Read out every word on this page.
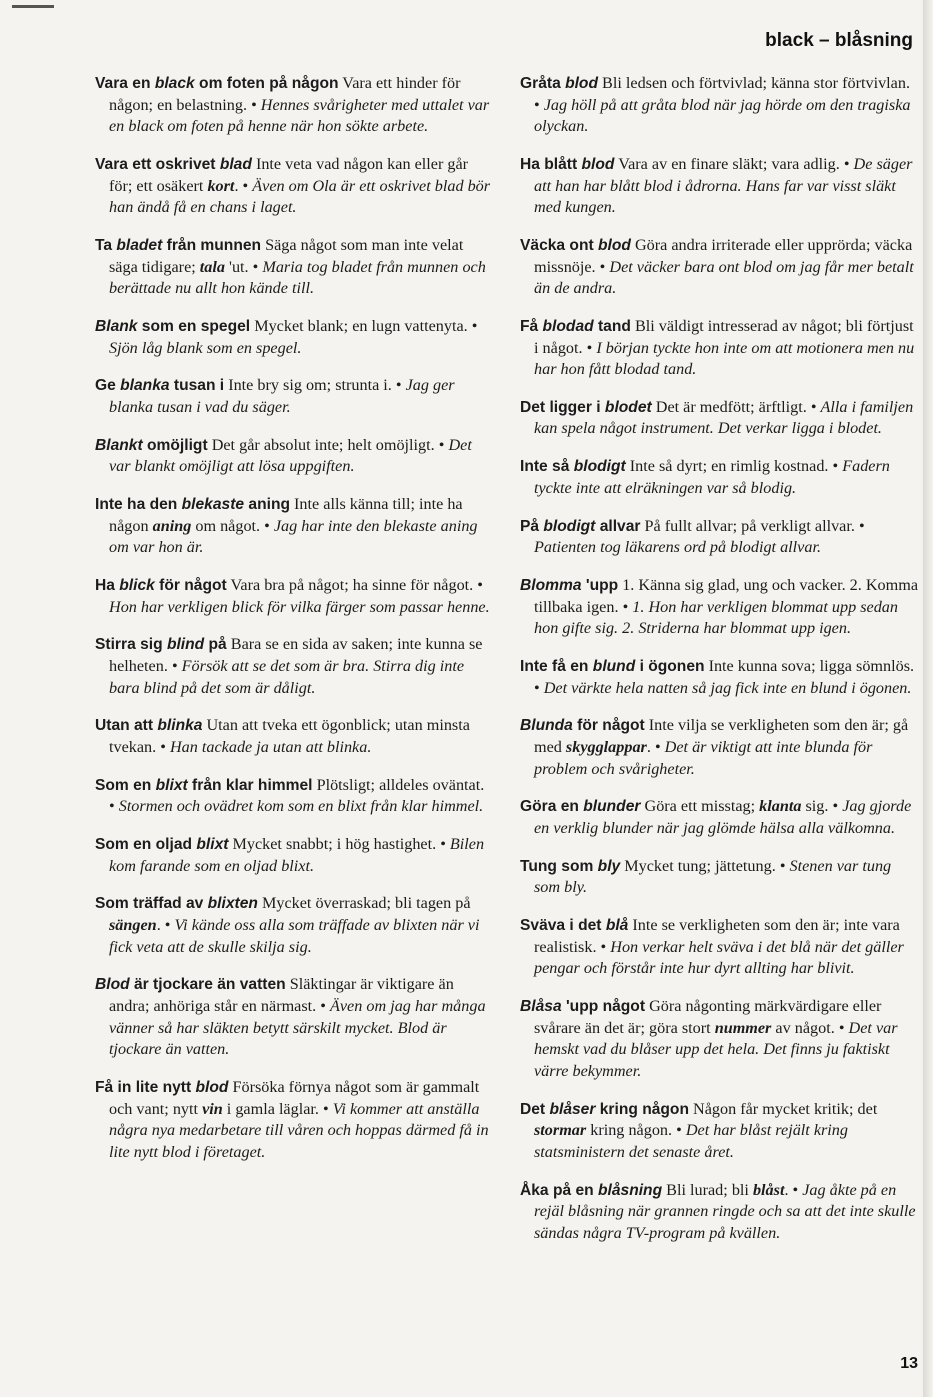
black – blåsning

Vara en black om foten på någon Vara ett hinder för någon; en belastning. • Hennes svårigheter med uttalet var en black om foten på henne när hon sökte arbete.

Vara ett oskrivet blad Inte veta vad någon kan eller går för; ett osäkert kort. • Även om Ola är ett oskrivet blad bör han ändå få en chans i laget.

Ta bladet från munnen Säga något som man inte velat säga tidigare; tala 'ut. • Maria tog bladet från munnen och berättade nu allt hon kände till.

Blank som en spegel Mycket blank; en lugn vattenyta. • Sjön låg blank som en spegel.

Ge blanka tusan i Inte bry sig om; strunta i. • Jag ger blanka tusan i vad du säger.

Blankt omöjligt Det går absolut inte; helt omöjligt. • Det var blankt omöjligt att lösa uppgiften.

Inte ha den blekaste aning Inte alls känna till; inte ha någon aning om något. • Jag har inte den blekaste aning om var hon är.

Ha blick för något Vara bra på något; ha sinne för något. • Hon har verkligen blick för vilka färger som passar henne.

Stirra sig blind på Bara se en sida av saken; inte kunna se helheten. • Försök att se det som är bra. Stirra dig inte bara blind på det som är dåligt.

Utan att blinka Utan att tveka ett ögonblick; utan minsta tvekan. • Han tackade ja utan att blinka.

Som en blixt från klar himmel Plötsligt; alldeles oväntat. • Stormen och ovädret kom som en blixt från klar himmel.

Som en oljad blixt Mycket snabbt; i hög hastighet. • Bilen kom farande som en oljad blixt.

Som träffad av blixten Mycket överraskad; bli tagen på sängen. • Vi kände oss alla som träffade av blixten när vi fick veta att de skulle skilja sig.

Blod är tjockare än vatten Släktingar är viktigare än andra; anhöriga står en närmast. • Även om jag har många vänner så har släkten betytt särskilt mycket. Blod är tjockare än vatten.

Få in lite nytt blod Försöka förnya något som är gammalt och vant; nytt vin i gamla läglar. • Vi kommer att anställa några nya medarbetare till våren och hoppas därmed få in lite nytt blod i företaget.

Gråta blod Bli ledsen och förtvivlad; känna stor förtvivlan. • Jag höll på att gråta blod när jag hörde om den tragiska olyckan.

Ha blått blod Vara av en finare släkt; vara adlig. • De säger att han har blått blod i ådrorna. Hans far var visst släkt med kungen.

Väcka ont blod Göra andra irriterade eller upprörda; väcka missnöje. • Det väcker bara ont blod om jag får mer betalt än de andra.

Få blodad tand Bli väldigt intresserad av något; bli förtjust i något. • I början tyckte hon inte om att motionera men nu har hon fått blodad tand.

Det ligger i blodet Det är medfött; ärftligt. • Alla i familjen kan spela något instrument. Det verkar ligga i blodet.

Inte så blodigt Inte så dyrt; en rimlig kostnad. • Fadern tyckte inte att elräkningen var så blodig.

På blodigt allvar På fullt allvar; på verkligt allvar. • Patienten tog läkarens ord på blodigt allvar.

Blomma 'upp 1. Känna sig glad, ung och vacker. 2. Komma tillbaka igen. • 1. Hon har verkligen blommat upp sedan hon gifte sig. 2. Striderna har blommat upp igen.

Inte få en blund i ögonen Inte kunna sova; ligga sömnlös. • Det värkte hela natten så jag fick inte en blund i ögonen.

Blunda för något Inte vilja se verkligheten som den är; gå med skygglappar. • Det är viktigt att inte blunda för problem och svårigheter.

Göra en blunder Göra ett misstag; klanta sig. • Jag gjorde en verklig blunder när jag glömde hälsa alla välkomna.

Tung som bly Mycket tung; jättetung. • Stenen var tung som bly.

Sväva i det blå Inte se verkligheten som den är; inte vara realistisk. • Hon verkar helt sväva i det blå när det gäller pengar och förstår inte hur dyrt allting har blivit.

Blåsa 'upp något Göra någonting märkvärdigare eller svårare än det är; göra stort nummer av något. • Det var hemskt vad du blåser upp det hela. Det finns ju faktiskt värre bekymmer.

Det blåser kring någon Någon får mycket kritik; det stormar kring någon. • Det har blåst rejält kring statsministern det senaste året.

Åka på en blåsning Bli lurad; bli blåst. • Jag åkte på en rejäl blåsning när grannen ringde och sa att det inte skulle sändas några TV-program på kvällen.

13
